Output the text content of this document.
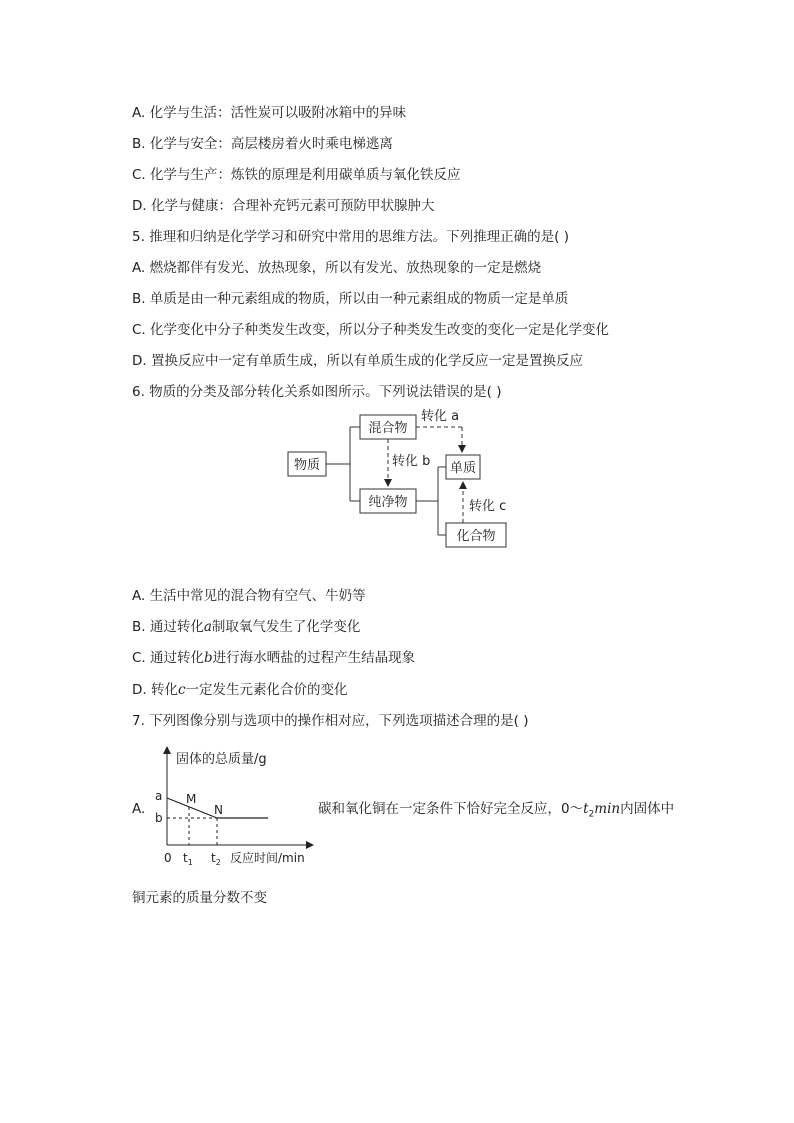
A. 化学与生活：活性炭可以吸附冰箱中的异味
B. 化学与安全：高层楼房着火时乘电梯逃离
C. 化学与生产：炼铁的原理是利用碳单质与氧化铁反应
D. 化学与健康：合理补充钙元素可预防甲状腺肿大
5. 推理和归纳是化学学习和研究中常用的思维方法。下列推理正确的是( )
A. 燃烧都伴有发光、放热现象，所以有发光、放热现象的一定是燃烧
B. 单质是由一种元素组成的物质，所以由一种元素组成的物质一定是单质
C. 化学变化中分子种类发生改变，所以分子种类发生改变的变化一定是化学变化
D. 置换反应中一定有单质生成，所以有单质生成的化学反应一定是置换反应
6. 物质的分类及部分转化关系如图所示。下列说法错误的是( )
物质
混合物
纯净物
转化 a
转化 b 单质
化合物
转化 c
A. 生活中常见的混合物有空气、牛奶等
B. 通过转化a制取氧气发生了化学变化
C. 通过转化b进行海水晒盐的过程产生结晶现象
D. 转化c一定发生元素化合价的变化
7. 下列图像分别与选项中的操作相对应，下列选项描述合理的是( )
A.
固体的总质量/g
a
b
M
N
0 $t_1$ $t_2$ 反应时间/min
碳和氧化铜在一定条件下恰好完全反应，$0\sim t_2\min$内固体中
铜元素的质量分数不变
